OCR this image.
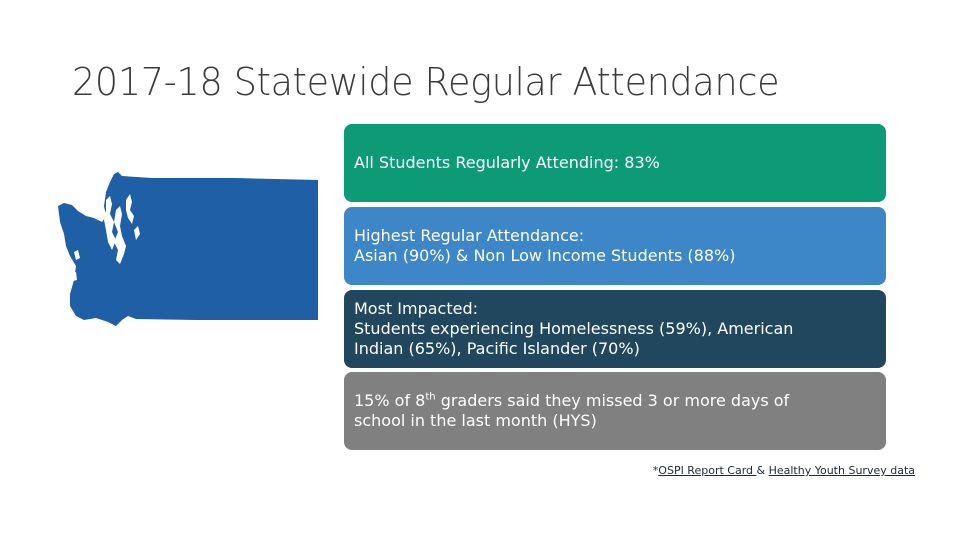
2017-18 Statewide Regular Attendance
All Students Regularly Attending: 83%
Highest Regular Attendance:
Asian (90%) & Non Low Income Students (88%)
Most Impacted:
Students experiencing Homelessness (59%), American
Indian (65%), Pacific Islander (70%)
15% of 8th graders said they missed 3 or more days of
school in the last month (HYS)
*OSPI Report Card & Healthy Youth Survey data
